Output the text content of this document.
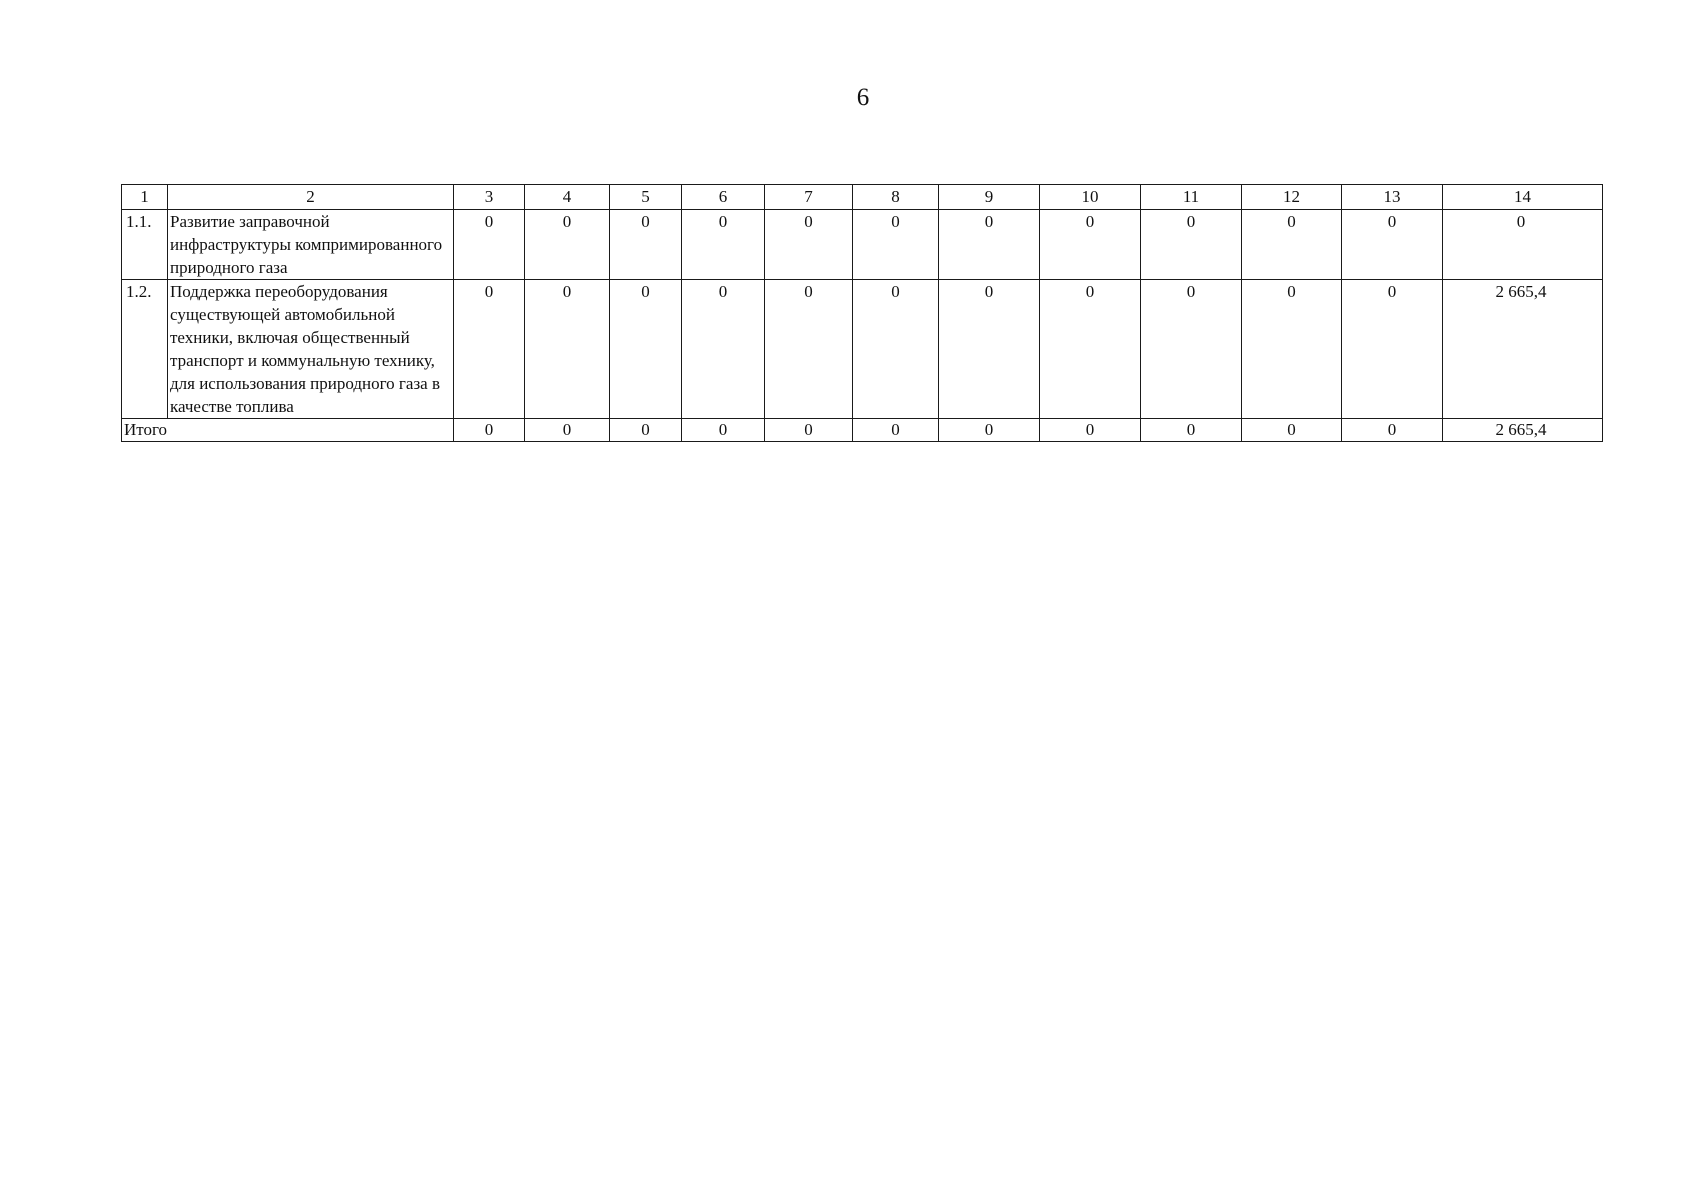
6
1	2	3	4	5	6	7	8	9	10	11	12	13	14
1.1.	Развитие заправочной инфраструктуры компримированного природного газа	0	0	0	0	0	0	0	0	0	0	0	0
1.2.	Поддержка переоборудования существующей автомобильной техники, включая общественный транспорт и коммунальную технику, для использования природного газа в качестве топлива	0	0	0	0	0	0	0	0	0	0	0	2 665,4
Итого		0	0	0	0	0	0	0	0	0	0	0	2 665,4
